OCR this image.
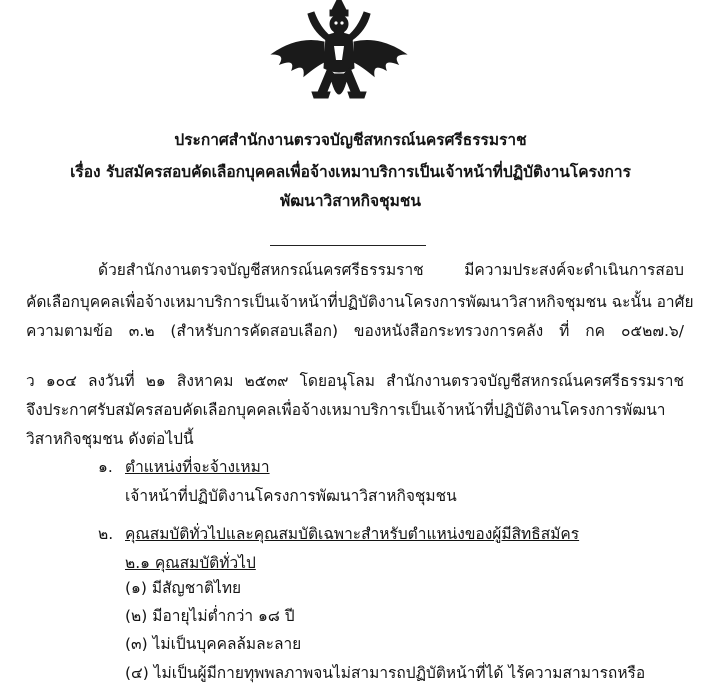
ประกาศสำนักงานตรวจบัญชีสหกรณ์นครศรีธรรมราช
เรื่อง รับสมัครสอบคัดเลือกบุคคลเพื่อจ้างเหมาบริการเป็นเจ้าหน้าที่ปฏิบัติงานโครงการ
พัฒนาวิสาหกิจชุมชน
ด้วยสำนักงานตรวจบัญชีสหกรณ์นครศรีธรรมราช มีความประสงค์จะดำเนินการสอบ
คัดเลือกบุคคลเพื่อจ้างเหมาบริการเป็นเจ้าหน้าที่ปฏิบัติงานโครงการพัฒนาวิสาหกิจชุมชน ฉะนั้น อาศัย
ความตามข้อ ๓.๒ (สำหรับการคัดสอบเลือก) ของหนังสือกระทรวงการคลัง ที่ กค ๐๕๒๗.๖/
ว ๑๐๔ ลงวันที่ ๒๑ สิงหาคม ๒๕๓๙ โดยอนุโลม สำนักงานตรวจบัญชีสหกรณ์นครศรีธรรมราช
จึงประกาศรับสมัครสอบคัดเลือกบุคคลเพื่อจ้างเหมาบริการเป็นเจ้าหน้าที่ปฏิบัติงานโครงการพัฒนา
วิสาหกิจชุมชน ดังต่อไปนี้
๑. ตำแหน่งที่จะจ้างเหมา
เจ้าหน้าที่ปฏิบัติงานโครงการพัฒนาวิสาหกิจชุมชน
๒. คุณสมบัติทั่วไปและคุณสมบัติเฉพาะสำหรับตำแหน่งของผู้มีสิทธิสมัคร
๒.๑ คุณสมบัติทั่วไป
(๑) มีสัญชาติไทย
(๒) มีอายุไม่ต่ำกว่า ๑๘ ปี
(๓) ไม่เป็นบุคคลล้มละลาย
(๔) ไม่เป็นผู้มีกายทุพพลภาพจนไม่สามารถปฏิบัติหน้าที่ได้ ไร้ความสามารถหรือ
